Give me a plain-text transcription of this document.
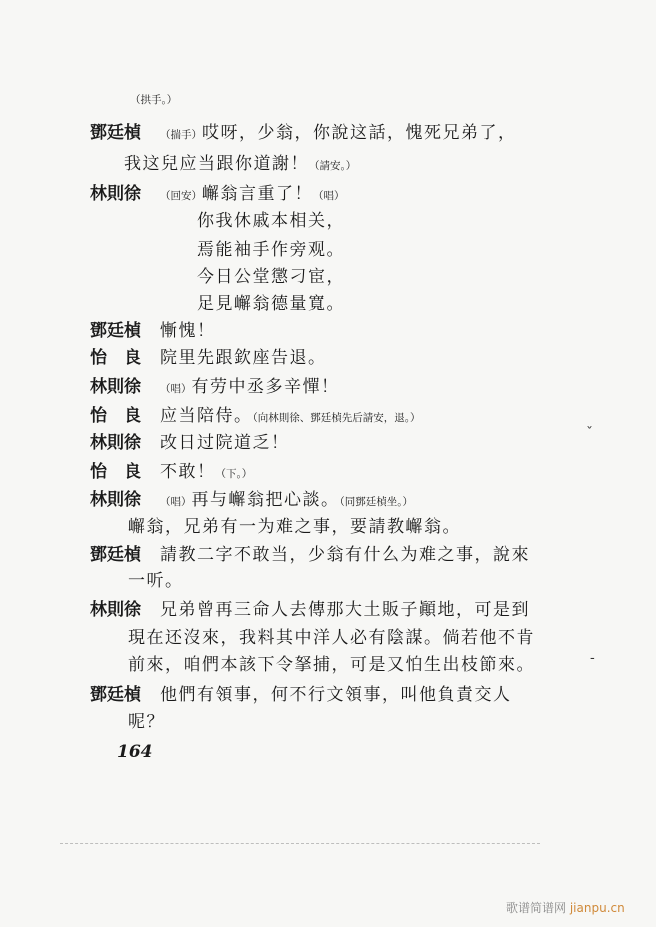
（拱手。）
鄧廷楨 （揣手）哎呀，少翁，你說这話，愧死兄弟了，
我这兒应当跟你道謝！（請安。）
林則徐 （回安）嶰翁言重了！（唱）
你我休戚本相关，
焉能袖手作旁观。
今日公堂懲刁宦，
足見嶰翁德量寬。
鄧廷楨 慚愧！
怡　良 院里先跟欽座告退。
林則徐 （唱）有劳中丞多辛憚！
怡　良 应当陪侍。（向林則徐、鄧廷楨先后請安，退。）
林則徐 改日过院道乏！
怡　良 不敢！（下。）
林則徐 （唱）再与嶰翁把心談。（同鄧廷楨坐。）
嶰翁，兄弟有一为难之事，要請教嶰翁。
鄧廷楨 請教二字不敢当，少翁有什么为难之事，說來
一听。
林則徐 兄弟曾再三命人去傳那大土販子顚地，可是到
現在还沒來，我料其中洋人必有陰謀。倘若他不肯
前來，咱們本該下令拏捕，可是又怕生出枝節來。
鄧廷楨 他們有領事，何不行文領事，叫他負責交人
呢？
164
ˇ
‐
歌谱简谱网 jianpu.cn
